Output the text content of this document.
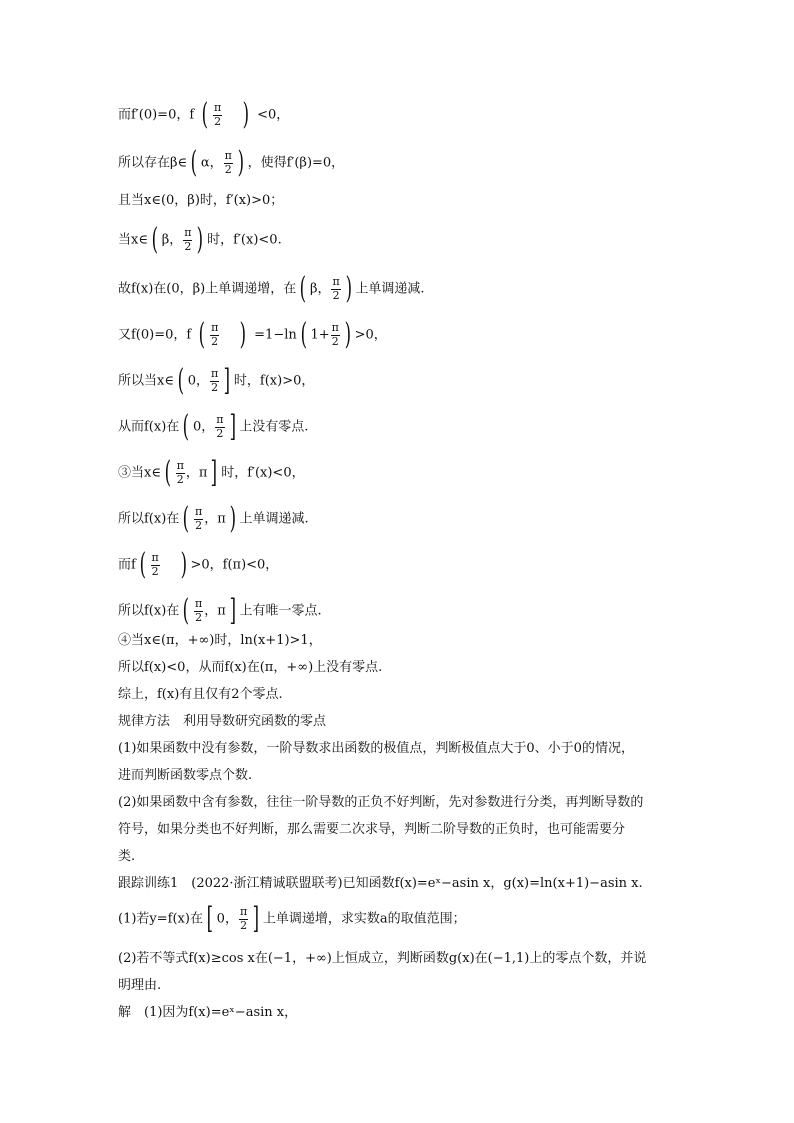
而f′(0)=0，f ( $\frac{\pi}{2}$ ) <0，
所以存在β∈ ( α， $\frac{\pi}{2}$ ) ，使得f′(β)=0，
且当x∈(0，β)时，f′(x)>0；
当x∈ ( β， $\frac{\pi}{2}$ ) 时，f′(x)<0.
故f(x)在(0，β)上单调递增，在 ( β， $\frac{\pi}{2}$ ) 上单调递减.
又f(0)=0，f ( $\frac{\pi}{2}$ ) =1−ln ( $1+ \frac{\pi}{2}$ ) >0，
所以当x∈ ( 0， $\frac{\pi}{2}$ ] 时，f(x)>0，
从而f(x)在 ( 0， $\frac{\pi}{2}$ ] 上没有零点.
③当x∈ ( $\frac{\pi}{2}$ ，π ] 时，f′(x)<0，
所以f(x)在 ( $\frac{\pi}{2}$ ，π ) 上单调递减.
而f ( $\frac{\pi}{2}$ ) >0，f(π)<0，
所以f(x)在 ( $\frac{\pi}{2}$ ，π ] 上有唯一零点.
④当x∈(π，+∞)时，ln(x+1)>1，
所以f(x)<0，从而f(x)在(π，+∞)上没有零点.
综上，f(x)有且仅有2个零点.
规律方法　利用导数研究函数的零点
(1)如果函数中没有参数，一阶导数求出函数的极值点，判断极值点大于0、小于0的情况，
进而判断函数零点个数.
(2)如果函数中含有参数，往往一阶导数的正负不好判断，先对参数进行分类，再判断导数的
符号，如果分类也不好判断，那么需要二次求导，判断二阶导数的正负时，也可能需要分
类.
跟踪训练1　(2022·浙江精诚联盟联考)已知函数f(x)=eˣ−asin x，g(x)=ln(x+1)−asin x.
(1)若y=f(x)在 [ 0， $\frac{\pi}{2}$ ] 上单调递增，求实数a的取值范围；
(2)若不等式f(x)≥cos x在(−1，+∞)上恒成立，判断函数g(x)在(−1,1)上的零点个数，并说
明理由.
解　(1)因为f(x)=eˣ−asin x，
